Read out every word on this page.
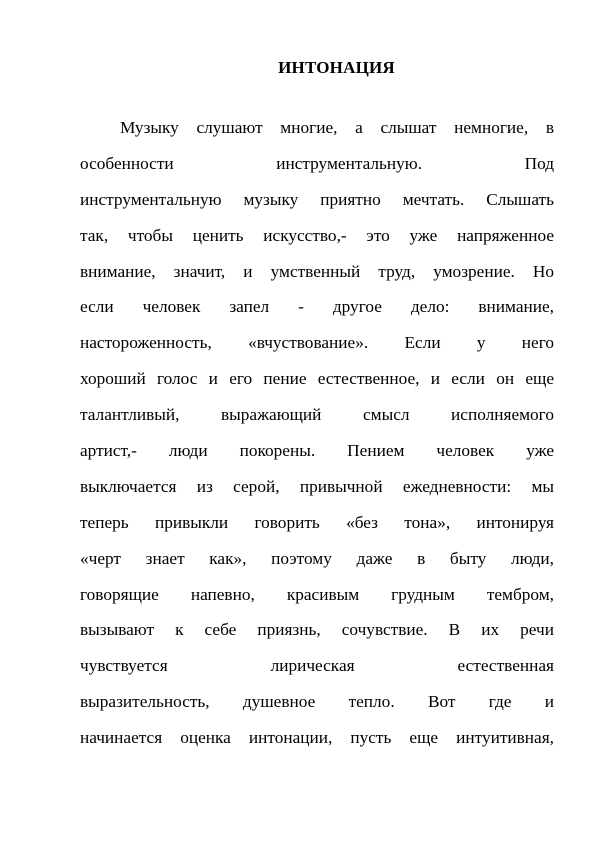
ИНТОНАЦИЯ
Музыку слушают многие, а слышат немногие, в
особенности инструментальную. Под
инструментальную музыку приятно мечтать. Слышать
так, чтобы ценить искусство,- это уже напряженное
внимание, значит, и умственный труд, умозрение. Но
если человек запел - другое дело: внимание,
настороженность, «вчуствование». Если у него
хороший голос и его пение естественное, и если он еще
талантливый, выражающий смысл исполняемого
артист,- люди покорены. Пением человек уже
выключается из серой, привычной ежедневности: мы
теперь привыкли говорить «без тона», интонируя
«черт знает как», поэтому даже в быту люди,
говорящие напевно, красивым грудным тембром,
вызывают к себе приязнь, сочувствие. В их речи
чувствуется лирическая естественная
выразительность, душевное тепло. Вот где и
начинается оценка интонации, пусть еще интуитивная,
